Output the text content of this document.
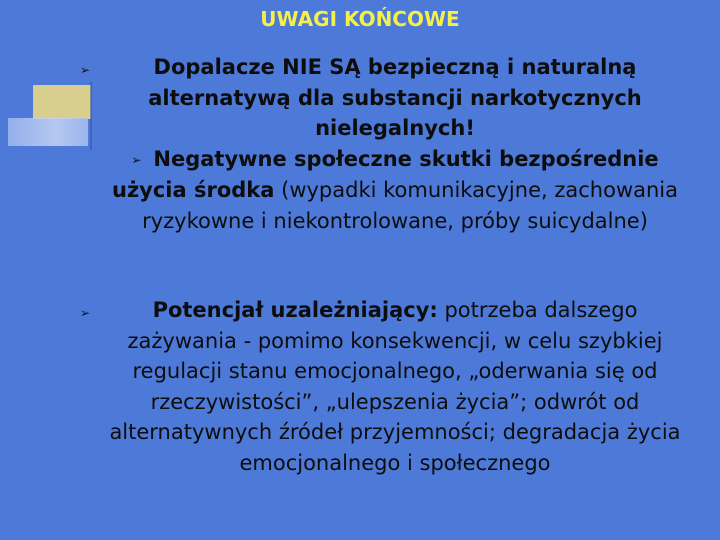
UWAGI KOŃCOWE
➢	Dopalacze NIE SĄ bezpieczną i naturalną alternatywą dla substancji narkotycznych nielegalnych!
➢ Negatywne społeczne skutki bezpośrednie użycia środka (wypadki komunikacyjne, zachowania ryzykowne i niekontrolowane, próby suicydalne)
➢	Potencjał uzależniający: potrzeba dalszego zażywania - pomimo konsekwencji, w celu szybkiej regulacji stanu emocjonalnego, „oderwania się od rzeczywistości”, „ulepszenia życia”; odwrót od alternatywnych źródeł przyjemności; degradacja życia emocjonalnego i społecznego
